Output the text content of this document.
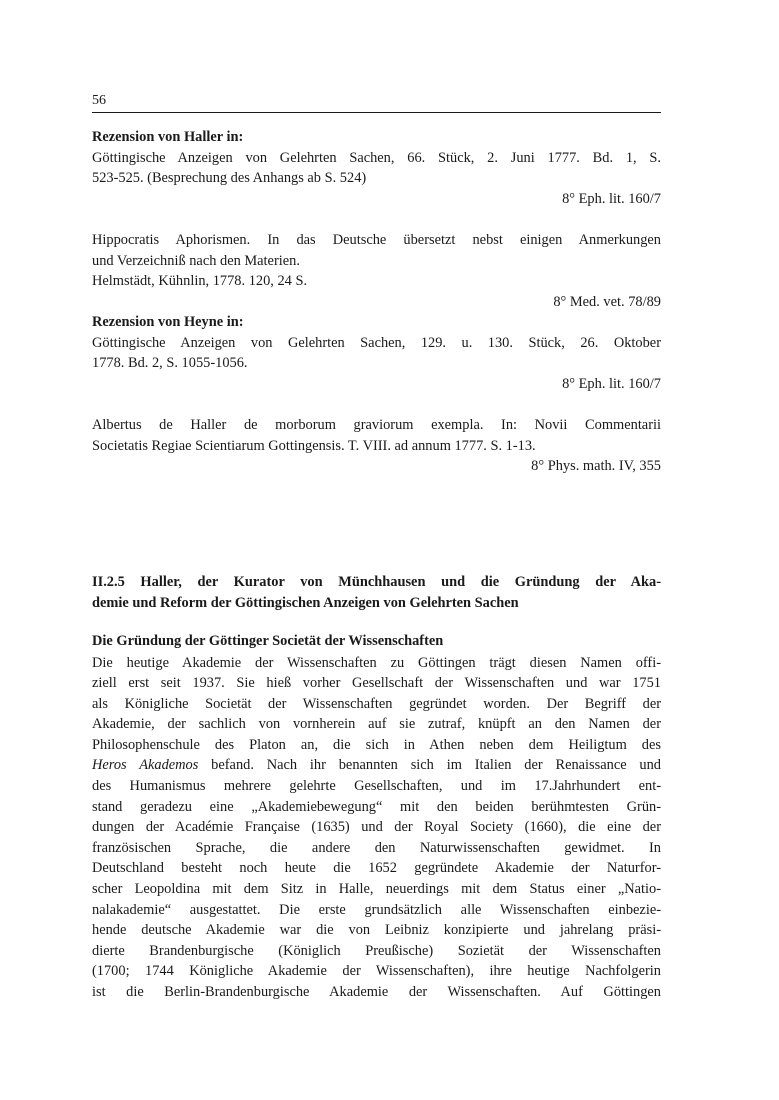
56
Rezension von Haller in:
Göttingische Anzeigen von Gelehrten Sachen, 66. Stück, 2. Juni 1777. Bd. 1, S.
523-525. (Besprechung des Anhangs ab S. 524)
8° Eph. lit. 160/7
Hippocratis Aphorismen. In das Deutsche übersetzt nebst einigen Anmerkungen
und Verzeichniß nach den Materien.
Helmstädt, Kühnlin, 1778. 120, 24 S.
8° Med. vet. 78/89
Rezension von Heyne in:
Göttingische Anzeigen von Gelehrten Sachen, 129. u. 130. Stück, 26. Oktober
1778. Bd. 2, S. 1055-1056.
8° Eph. lit. 160/7
Albertus de Haller de morborum graviorum exempla. In: Novii Commentarii
Societatis Regiae Scientiarum Gottingensis. T. VIII. ad annum 1777. S. 1-13.
8° Phys. math. IV, 355
II.2.5 Haller, der Kurator von Münchhausen und die Gründung der Aka-
demie und Reform der Göttingischen Anzeigen von Gelehrten Sachen
Die Gründung der Göttinger Societät der Wissenschaften
Die heutige Akademie der Wissenschaften zu Göttingen trägt diesen Namen offi-
ziell erst seit 1937. Sie hieß vorher Gesellschaft der Wissenschaften und war 1751
als Königliche Societät der Wissenschaften gegründet worden. Der Begriff der
Akademie, der sachlich von vornherein auf sie zutraf, knüpft an den Namen der
Philosophenschule des Platon an, die sich in Athen neben dem Heiligtum des
Heros Akademos befand. Nach ihr benannten sich im Italien der Renaissance und
des Humanismus mehrere gelehrte Gesellschaften, und im 17.Jahrhundert ent-
stand geradezu eine „Akademiebewegung“ mit den beiden berühmtesten Grün-
dungen der Académie Française (1635) und der Royal Society (1660), die eine der
französischen Sprache, die andere den Naturwissenschaften gewidmet. In
Deutschland besteht noch heute die 1652 gegründete Akademie der Naturfor-
scher Leopoldina mit dem Sitz in Halle, neuerdings mit dem Status einer „Natio-
nalakademie“ ausgestattet. Die erste grundsätzlich alle Wissenschaften einbezie-
hende deutsche Akademie war die von Leibniz konzipierte und jahrelang präsi-
dierte Brandenburgische (Königlich Preußische) Sozietät der Wissenschaften
(1700; 1744 Königliche Akademie der Wissenschaften), ihre heutige Nachfolgerin
ist die Berlin-Brandenburgische Akademie der Wissenschaften. Auf Göttingen
